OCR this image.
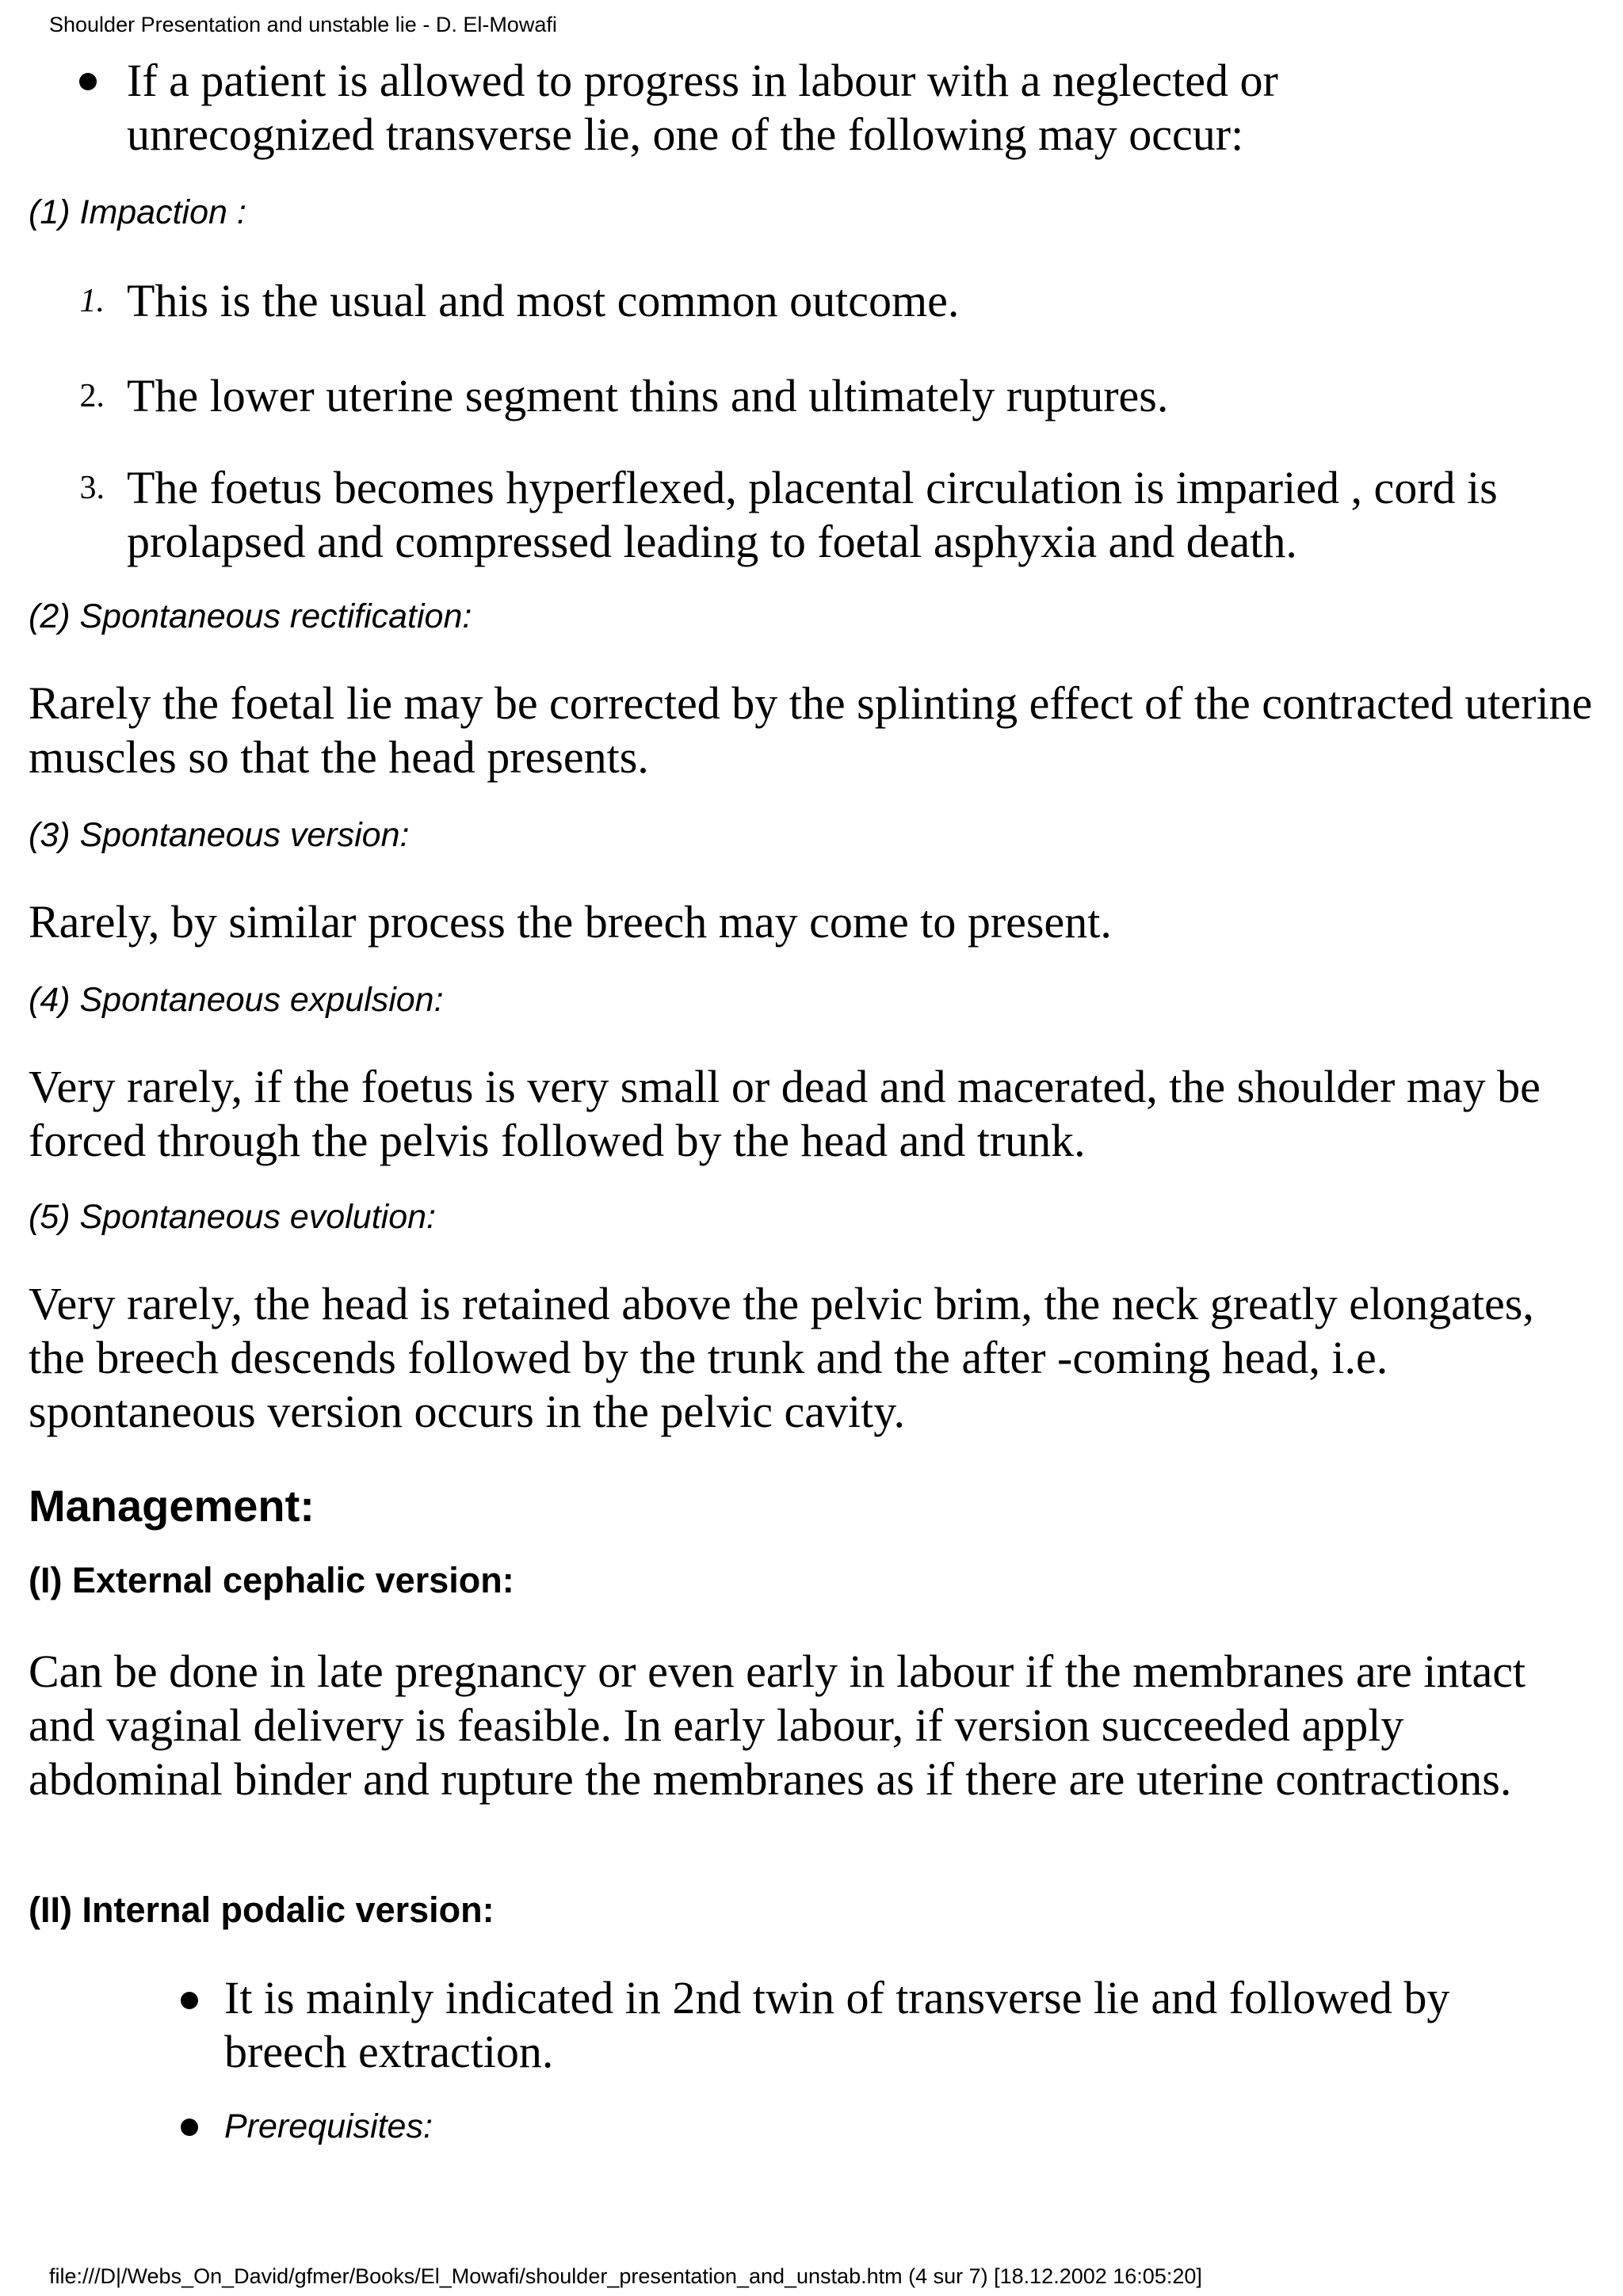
Shoulder Presentation and unstable lie - D. El-Mowafi
If a patient is allowed to progress in labour with a neglected or unrecognized transverse lie, one of the following may occur:
(1) Impaction :
1. This is the usual and most common outcome.
2. The lower uterine segment thins and ultimately ruptures.
3. The foetus becomes hyperflexed, placental circulation is imparied , cord is prolapsed and compressed leading to foetal asphyxia and death.
(2) Spontaneous rectification:
Rarely the foetal lie may be corrected by the splinting effect of the contracted uterine muscles so that the head presents.
(3) Spontaneous version:
Rarely, by similar process the breech may come to present.
(4) Spontaneous expulsion:
Very rarely, if the foetus is very small or dead and macerated, the shoulder may be forced through the pelvis followed by the head and trunk.
(5) Spontaneous evolution:
Very rarely, the head is retained above the pelvic brim, the neck greatly elongates, the breech descends followed by the trunk and the after -coming head, i.e. spontaneous version occurs in the pelvic cavity.
Management:
(I) External cephalic version:
Can be done in late pregnancy or even early in labour if the membranes are intact and vaginal delivery is feasible. In early labour, if version succeeded apply abdominal binder and rupture the membranes as if there are uterine contractions.
(II) Internal podalic version:
It is mainly indicated in 2nd twin of transverse lie and followed by breech extraction.
Prerequisites:
file:///D|/Webs_On_David/gfmer/Books/El_Mowafi/shoulder_presentation_and_unstab.htm (4 sur 7) [18.12.2002 16:05:20]
